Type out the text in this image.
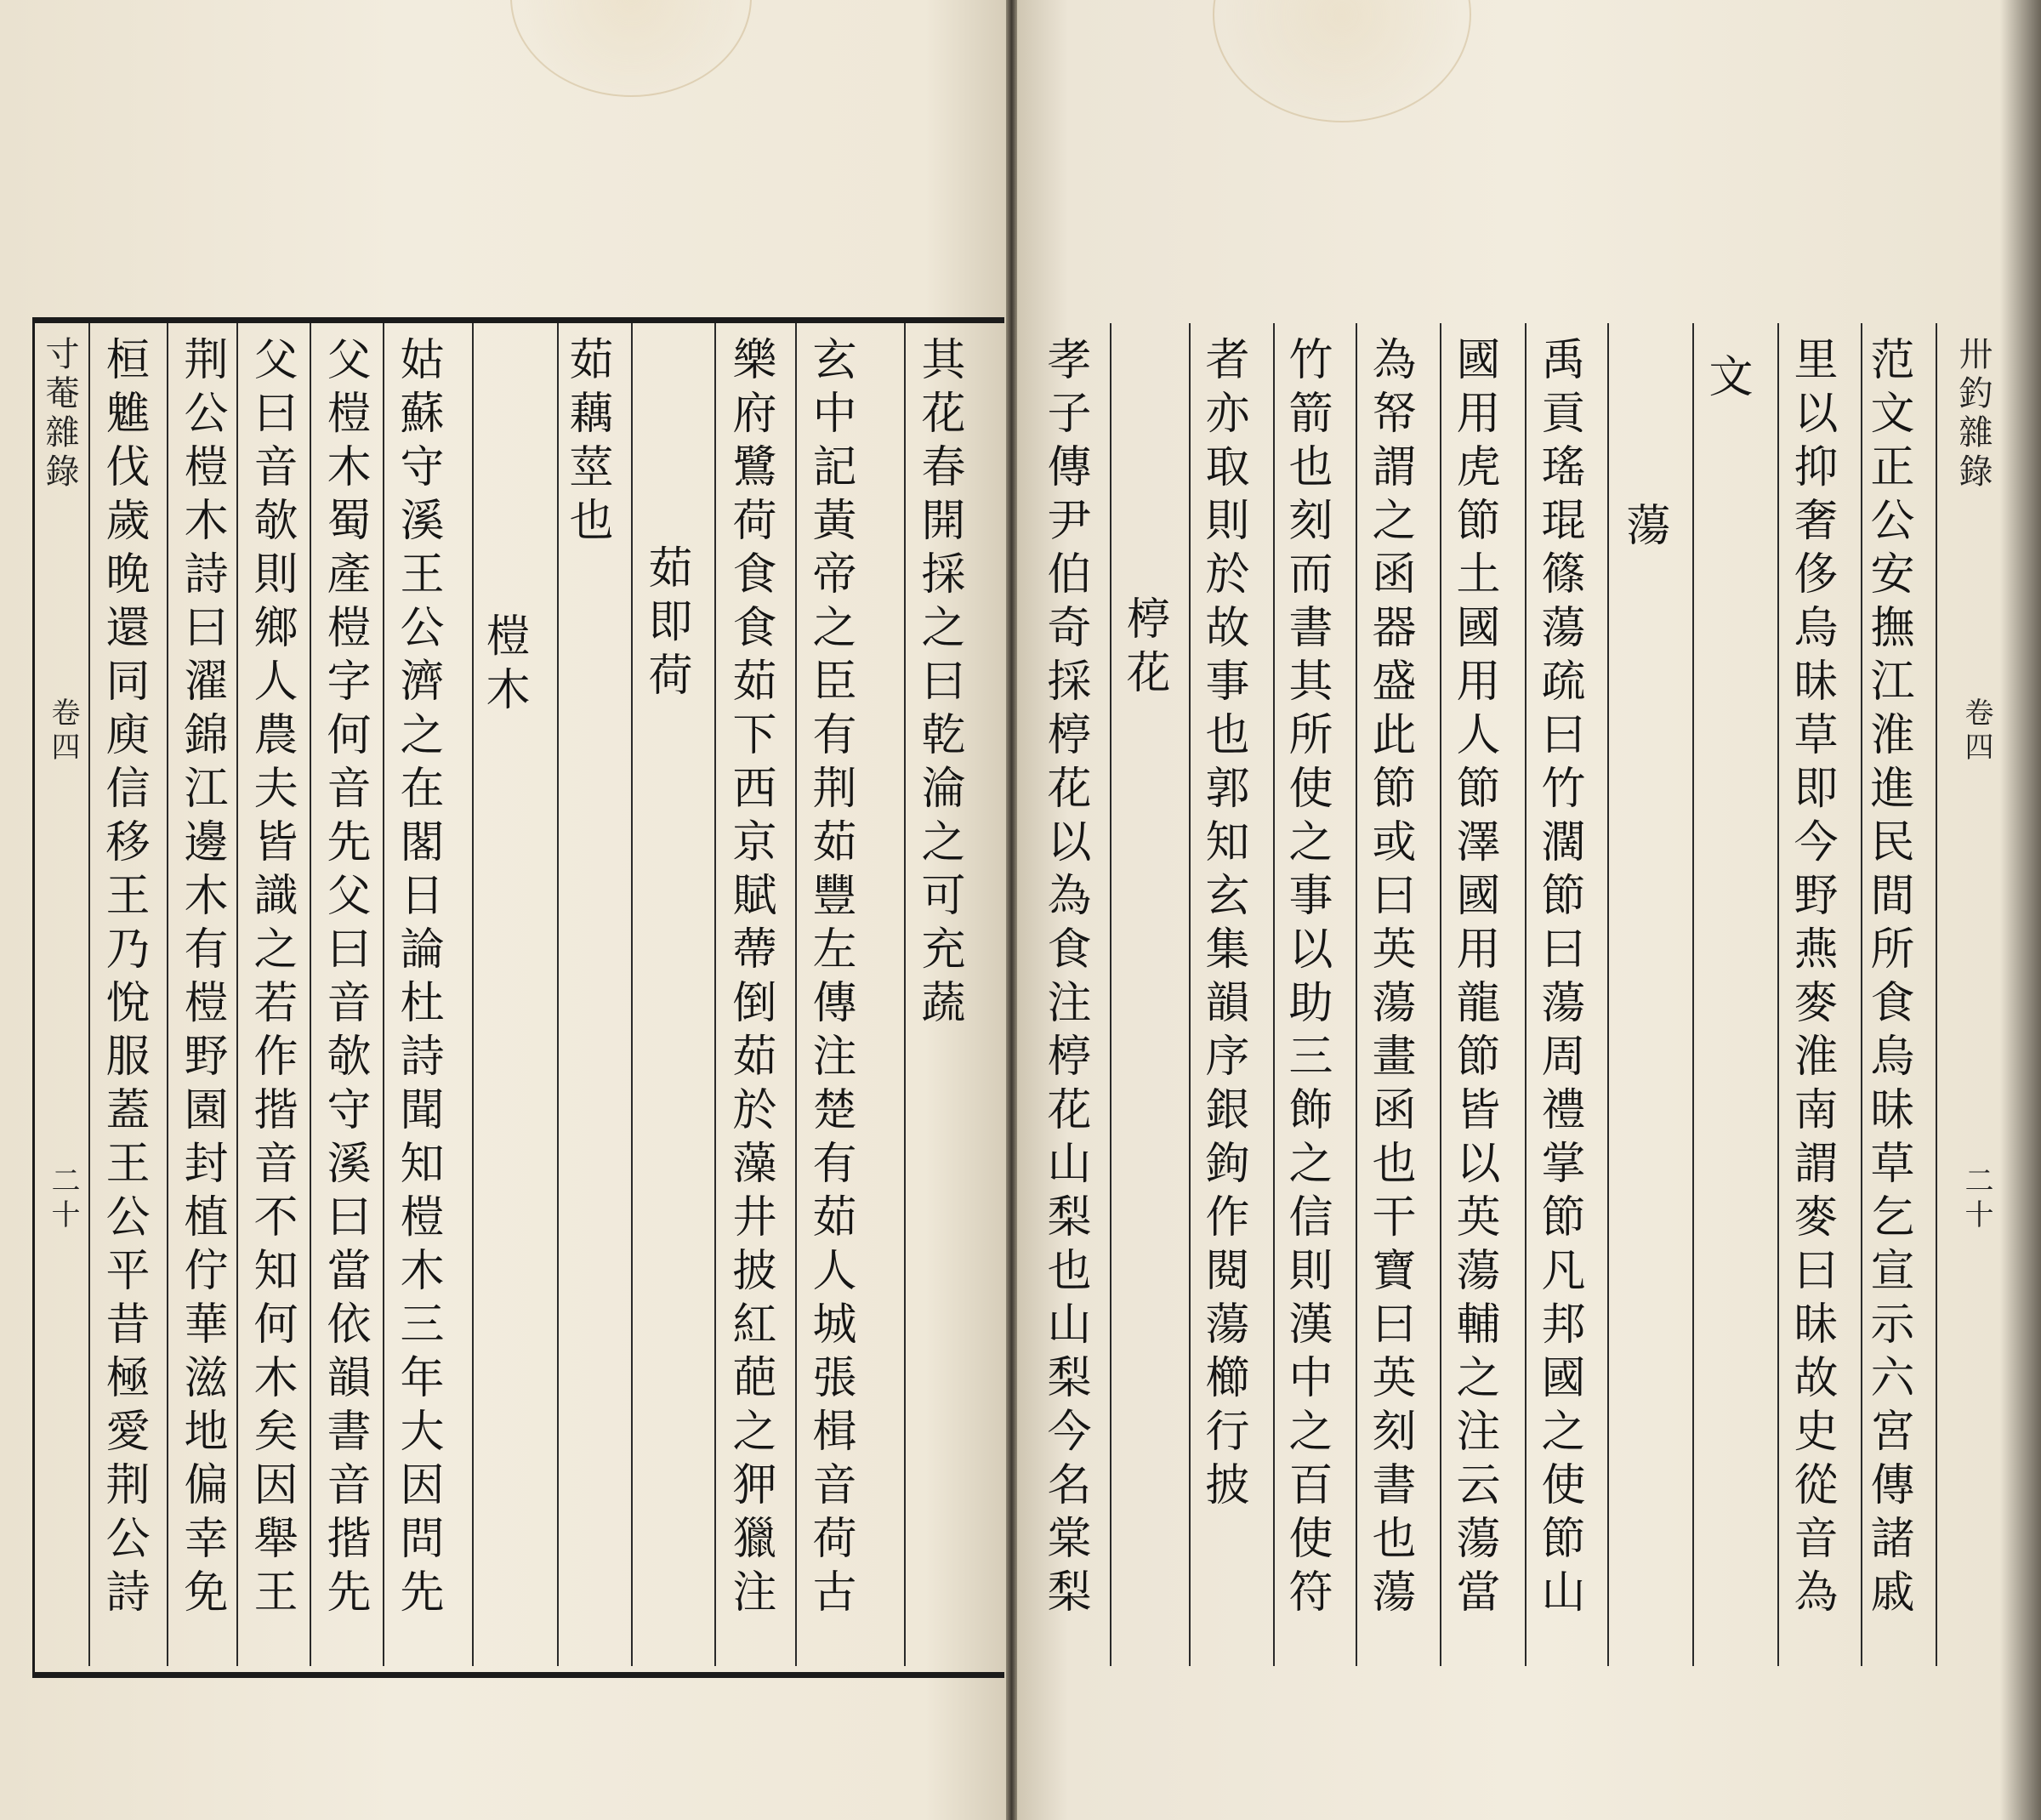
寸菴雜錄
卷四
二十
其花春開採之曰乾淪之可充蔬
玄中記黃帝之臣有荆茹豐左傳注楚有茹人城張楫音荷古
樂府鷺荷食食茹下西京賦蔕倒茹於藻井披紅葩之狎獵注
茹即荷
茹藕莖也
榿木
姑蘇守溪王公濟之在閣日論杜詩聞知榿木三年大因問先
父榿木蜀產榿字何音先父曰音欹守溪曰當依韻書音揩先
父曰音欹則鄉人農夫皆識之若作揩音不知何木矣因舉王
荆公榿木詩曰濯錦江邊木有榿野園封植佇華滋地偏幸免
桓魋伐歲晚還同庾信移王乃悅服蓋王公平昔極愛荆公詩	范文正公安撫江淮進民間所食烏昧草乞宣示六宮傳諸戚
里以抑奢侈烏昧草即今野燕麥淮南謂麥曰昧故史從音為
文
蕩
禹貢瑤琨篠蕩疏曰竹濶節曰蕩周禮掌節凡邦國之使節山
國用虎節土國用人節澤國用龍節皆以英蕩輔之注云蕩當
為帑謂之函器盛此節或曰英蕩畫函也干寶曰英刻書也蕩
竹箭也刻而書其所使之事以助三飾之信則漢中之百使符
者亦取則於故事也郭知玄集韻序銀鉤作閱蕩櫛行披
楟花
孝子傳尹伯奇採楟花以為食注楟花山梨也山梨今名棠梨	卅釣雜錄
卷四
二十
